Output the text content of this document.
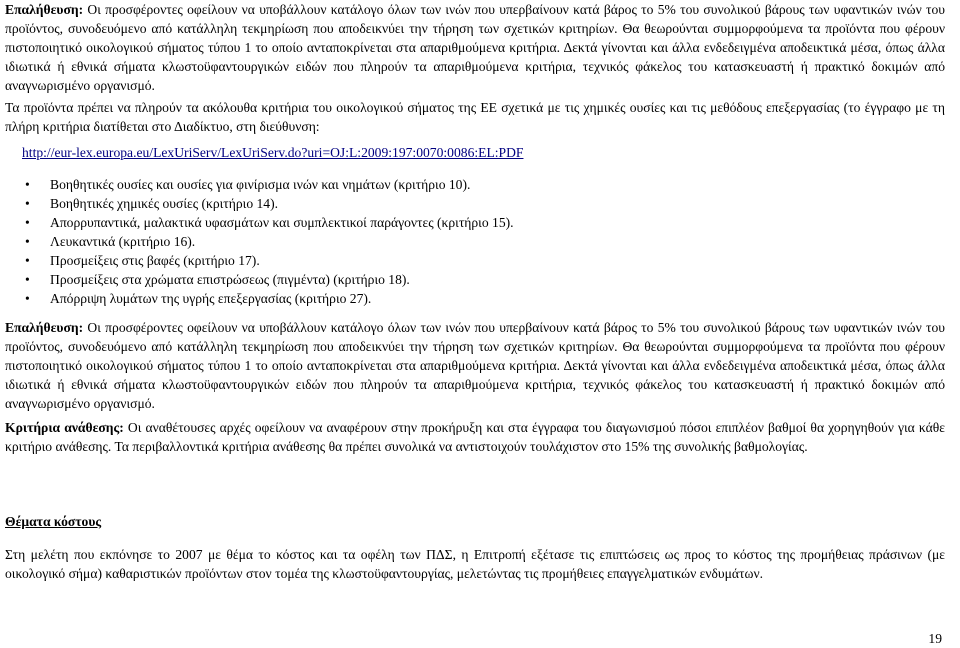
Επαλήθευση: Οι προσφέροντες οφείλουν να υποβάλλουν κατάλογο όλων των ινών που υπερβαίνουν κατά βάρος το 5% του συνολικού βάρους των υφαντικών ινών του προϊόντος, συνοδευόμενο από κατάλληλη τεκμηρίωση που αποδεικνύει την τήρηση των σχετικών κριτηρίων. Θα θεωρούνται συμμορφούμενα τα προϊόντα που φέρουν πιστοποιητικό οικολογικού σήματος τύπου 1 το οποίο ανταποκρίνεται στα απαριθμούμενα κριτήρια. Δεκτά γίνονται και άλλα ενδεδειγμένα αποδεικτικά μέσα, όπως άλλα ιδιωτικά ή εθνικά σήματα κλωστοϋφαντουργικών ειδών που πληρούν τα απαριθμούμενα κριτήρια, τεχνικός φάκελος του κατασκευαστή ή πρακτικό δοκιμών από αναγνωρισμένο οργανισμό.

Τα προϊόντα πρέπει να πληρούν τα ακόλουθα κριτήρια του οικολογικού σήματος της ΕΕ σχετικά με τις χημικές ουσίες και τις μεθόδους επεξεργασίας (το έγγραφο με τη πλήρη κριτήρια διατίθεται στο Διαδίκτυο, στη διεύθυνση:

http://eur-lex.europa.eu/LexUriServ/LexUriServ.do?uri=OJ:L:2009:197:0070:0086:EL:PDF
• Βοηθητικές ουσίες και ουσίες για φινίρισμα ινών και νημάτων (κριτήριο 10).
• Βοηθητικές χημικές ουσίες (κριτήριο 14).
• Απορρυπαντικά, μαλακτικά υφασμάτων και συμπλεκτικοί παράγοντες (κριτήριο 15).
• Λευκαντικά (κριτήριο 16).
• Προσμείξεις στις βαφές (κριτήριο 17).
• Προσμείξεις στα χρώματα επιστρώσεως (πιγμέντα) (κριτήριο 18).
• Απόρριψη λυμάτων της υγρής επεξεργασίας (κριτήριο 27).

Επαλήθευση: Οι προσφέροντες οφείλουν να υποβάλλουν κατάλογο όλων των ινών που υπερβαίνουν κατά βάρος το 5% του συνολικού βάρους των υφαντικών ινών του προϊόντος, συνοδευόμενο από κατάλληλη τεκμηρίωση που αποδεικνύει την τήρηση των σχετικών κριτηρίων. Θα θεωρούνται συμμορφούμενα τα προϊόντα που φέρουν πιστοποιητικό οικολογικού σήματος τύπου 1 το οποίο ανταποκρίνεται στα απαριθμούμενα κριτήρια. Δεκτά γίνονται και άλλα ενδεδειγμένα αποδεικτικά μέσα, όπως άλλα ιδιωτικά ή εθνικά σήματα κλωστοϋφαντουργικών ειδών που πληρούν τα απαριθμούμενα κριτήρια, τεχνικός φάκελος του κατασκευαστή ή πρακτικό δοκιμών από αναγνωρισμένο οργανισμό.

Κριτήρια ανάθεσης: Οι αναθέτουσες αρχές οφείλουν να αναφέρουν στην προκήρυξη και στα έγγραφα του διαγωνισμού πόσοι επιπλέον βαθμοί θα χορηγηθούν για κάθε κριτήριο ανάθεσης. Τα περιβαλλοντικά κριτήρια ανάθεσης θα πρέπει συνολικά να αντιστοιχούν τουλάχιστον στο 15% της συνολικής βαθμολογίας.

Θέματα κόστους

Στη μελέτη που εκπόνησε το 2007 με θέμα το κόστος και τα οφέλη των ΠΔΣ, η Επιτροπή εξέτασε τις επιπτώσεις ως προς το κόστος της προμήθειας πράσινων (με οικολογικό σήμα) καθαριστικών προϊόντων στον τομέα της κλωστοϋφαντουργίας, μελετώντας τις προμήθειες επαγγελματικών ενδυμάτων.

19
